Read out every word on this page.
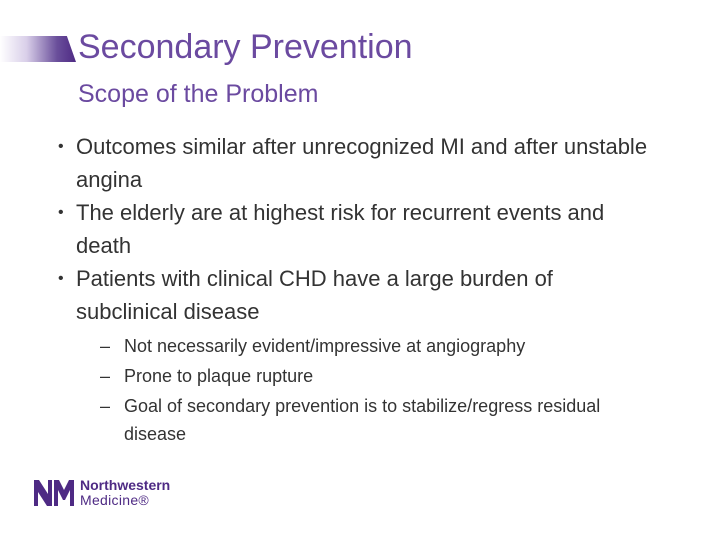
Secondary Prevention
Scope of the Problem
• Outcomes similar after unrecognized MI and after unstable angina
• The elderly are at highest risk for recurrent events and death
• Patients with clinical CHD have a large burden of subclinical disease
– Not necessarily evident/impressive at angiography
– Prone to plaque rupture
– Goal of secondary prevention is to stabilize/regress residual disease
Northwestern
Medicine®
